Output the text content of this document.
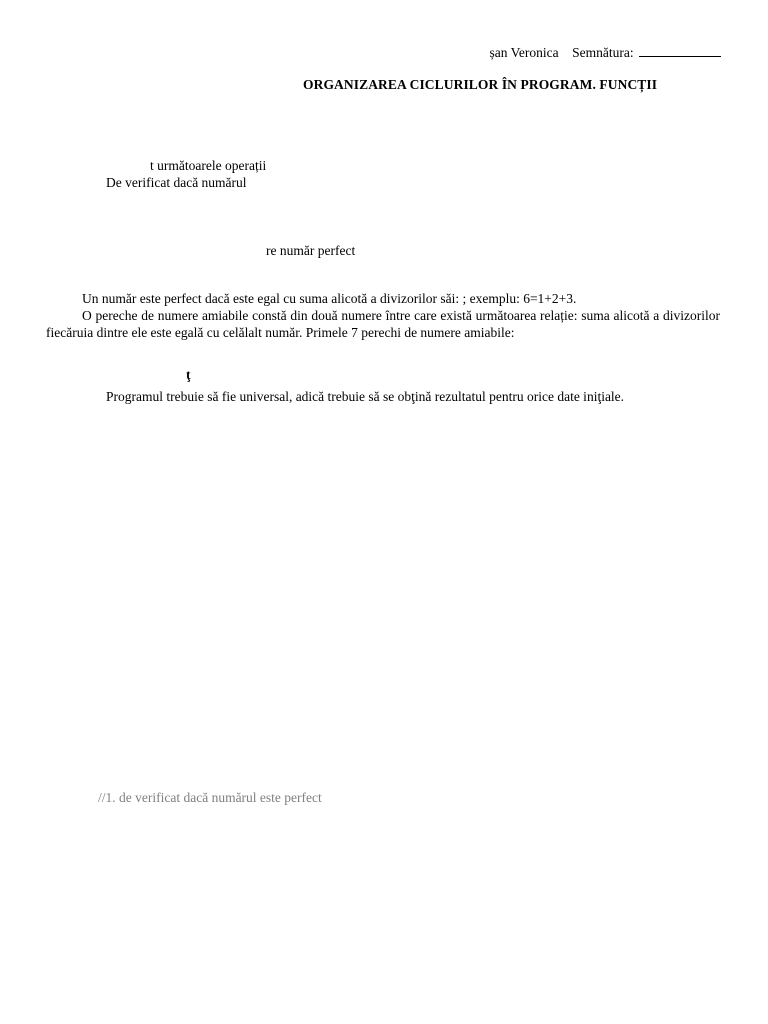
șan Veronica Semnătura:
ORGANIZAREA CICLURILOR ÎN PROGRAM. FUNCȚII
t următoarele operații
De verificat dacă numărul
re număr perfect

Un număr este perfect dacă este egal cu suma alicotă a divizorilor săi: ; exemplu: 6=1+2+3.

O pereche de numere amiabile constă din două numere între care există următoarea relație: suma alicotă a divizorilor fiecăruia dintre ele este egală cu celălalt număr. Primele 7 perechi de numere amiabile:

ţ
Programul trebuie să fie universal, adică trebuie să se obţină rezultatul pentru orice date iniţiale.
//1. de verificat dacă numărul este perfect
